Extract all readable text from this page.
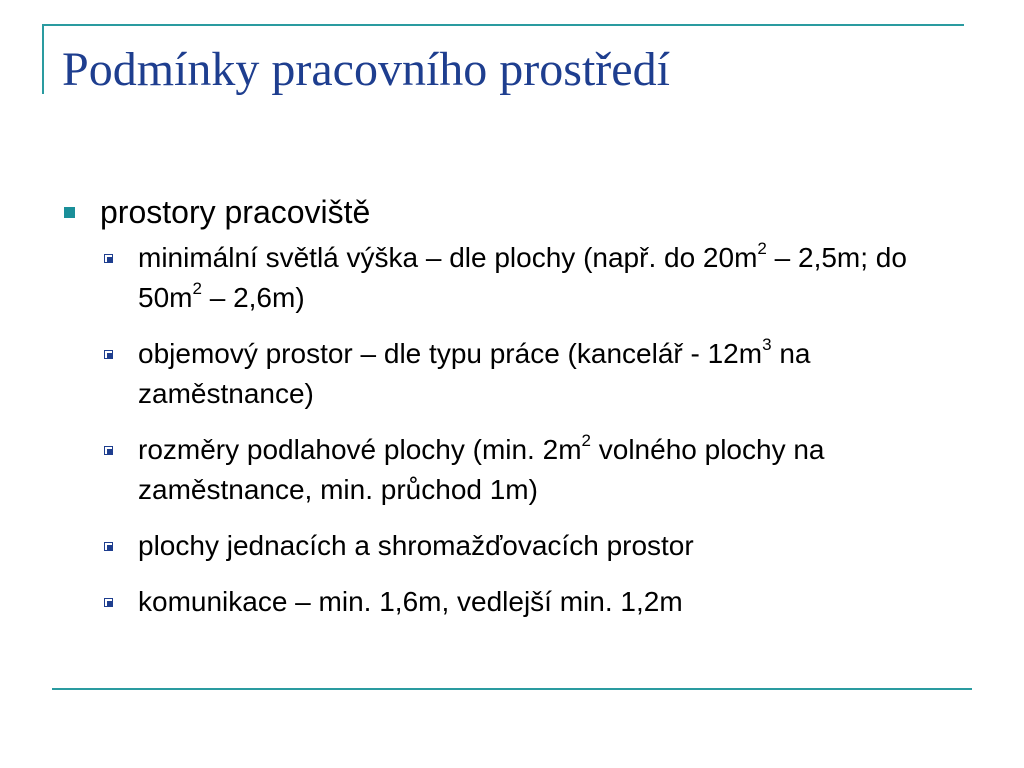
Podmínky pracovního prostředí
prostory pracoviště
minimální světlá výška – dle plochy (např. do $20m^2 - 2,5m$; do $50m^2 - 2,6m$)
objemový prostor – dle typu práce (kancelář - $12m^3$ na zaměstnance)
rozměry podlahové plochy (min. $2m^2$ volného plochy na zaměstnance, min. průchod 1m)
plochy jednacích a shromažďovacích prostor
komunikace – min. 1,6m, vedlejší min. 1,2m
